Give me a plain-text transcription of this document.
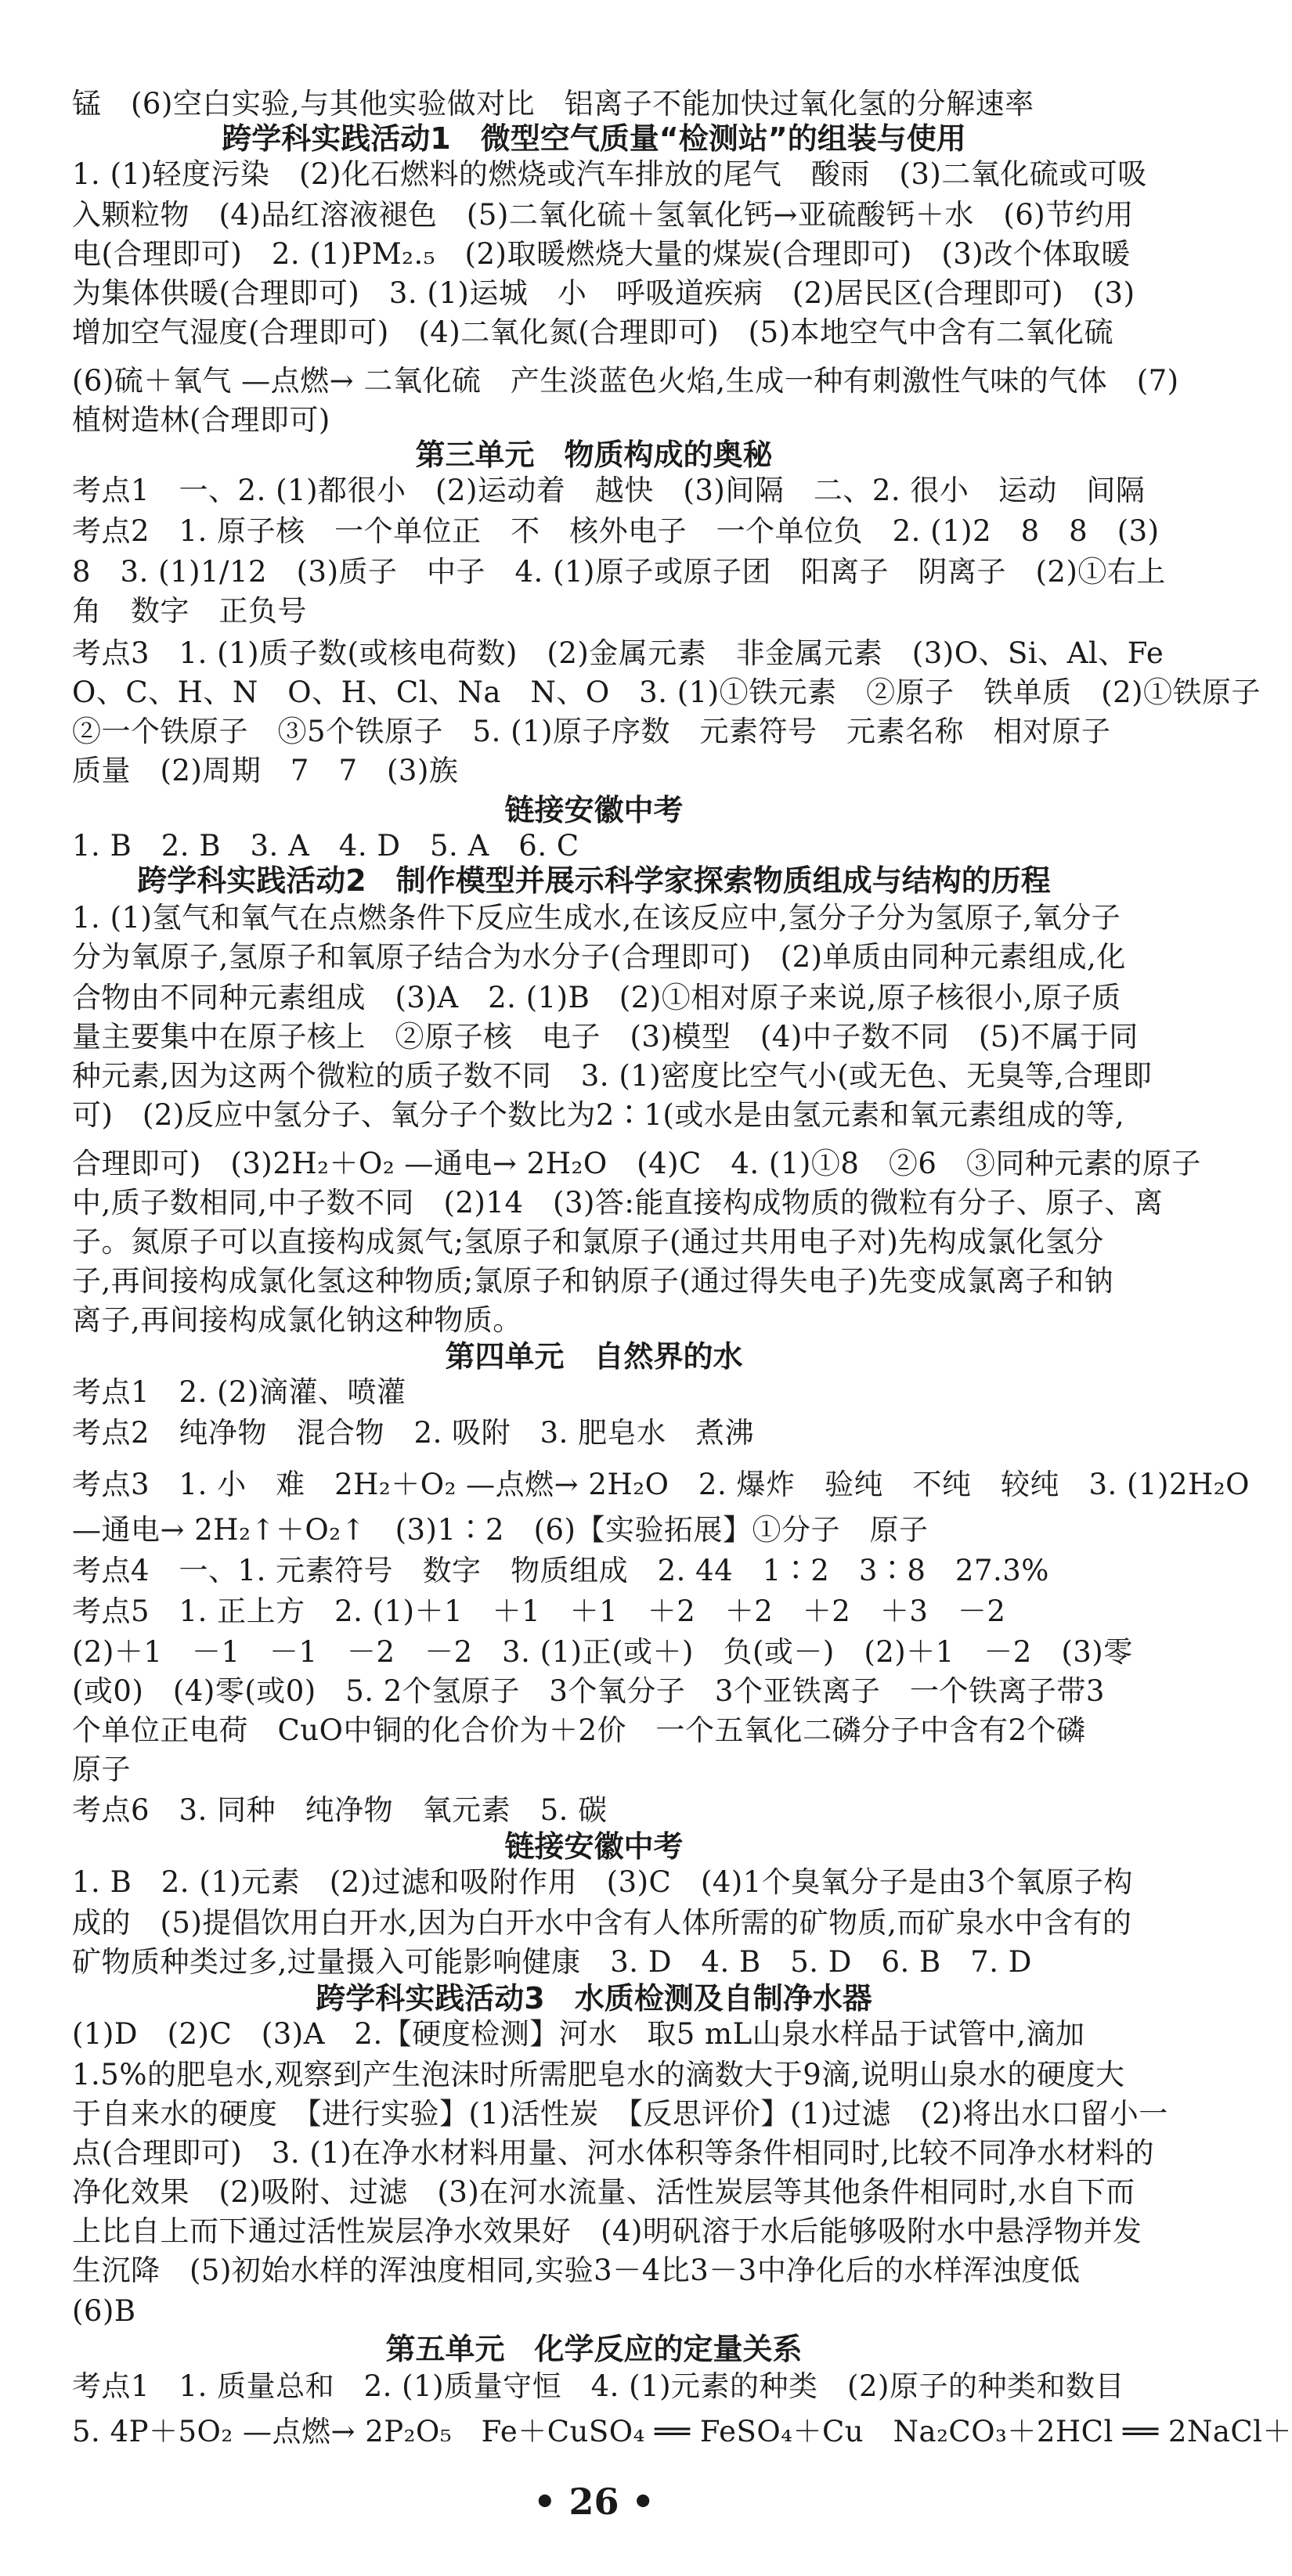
锰　(6)空白实验,与其他实验做对比　铝离子不能加快过氧化氢的分解速率
跨学科实践活动1　微型空气质量“检测站”的组装与使用
1. (1)轻度污染　(2)化石燃料的燃烧或汽车排放的尾气　酸雨　(3)二氧化硫或可吸
入颗粒物　(4)品红溶液褪色　(5)二氧化硫＋氢氧化钙→亚硫酸钙＋水　(6)节约用
电(合理即可)　2. (1)PM₂.₅　(2)取暖燃烧大量的煤炭(合理即可)　(3)改个体取暖
为集体供暖(合理即可)　3. (1)运城　小　呼吸道疾病　(2)居民区(合理即可)　(3)
增加空气湿度(合理即可)　(4)二氧化氮(合理即可)　(5)本地空气中含有二氧化硫
(6)硫＋氧气 —点燃→ 二氧化硫　产生淡蓝色火焰,生成一种有刺激性气味的气体　(7)
植树造林(合理即可)
第三单元　物质构成的奥秘
考点1　一、2. (1)都很小　(2)运动着　越快　(3)间隔　二、2. 很小　运动　间隔
考点2　1. 原子核　一个单位正　不　核外电子　一个单位负　2. (1)2　8　8　(3)
8　3. (1)1/12　(3)质子　中子　4. (1)原子或原子团　阳离子　阴离子　(2)①右上
角　数字　正负号
考点3　1. (1)质子数(或核电荷数)　(2)金属元素　非金属元素　(3)O、Si、Al、Fe
O、C、H、N　O、H、Cl、Na　N、O　3. (1)①铁元素　②原子　铁单质　(2)①铁原子
②一个铁原子　③5个铁原子　5. (1)原子序数　元素符号　元素名称　相对原子
质量　(2)周期　7　7　(3)族
链接安徽中考
1. B　2. B　3. A　4. D　5. A　6. C
跨学科实践活动2　制作模型并展示科学家探索物质组成与结构的历程
1. (1)氢气和氧气在点燃条件下反应生成水,在该反应中,氢分子分为氢原子,氧分子
分为氧原子,氢原子和氧原子结合为水分子(合理即可)　(2)单质由同种元素组成,化
合物由不同种元素组成　(3)A　2. (1)B　(2)①相对原子来说,原子核很小,原子质
量主要集中在原子核上　②原子核　电子　(3)模型　(4)中子数不同　(5)不属于同
种元素,因为这两个微粒的质子数不同　3. (1)密度比空气小(或无色、无臭等,合理即
可)　(2)反应中氢分子、氧分子个数比为2∶1(或水是由氢元素和氧元素组成的等,
合理即可)　(3)2H₂＋O₂ —通电→ 2H₂O　(4)C　4. (1)①8　②6　③同种元素的原子
中,质子数相同,中子数不同　(2)14　(3)答:能直接构成物质的微粒有分子、原子、离
子。氮原子可以直接构成氮气;氢原子和氯原子(通过共用电子对)先构成氯化氢分
子,再间接构成氯化氢这种物质;氯原子和钠原子(通过得失电子)先变成氯离子和钠
离子,再间接构成氯化钠这种物质。
第四单元　自然界的水
考点1　2. (2)滴灌、喷灌
考点2　纯净物　混合物　2. 吸附　3. 肥皂水　煮沸
考点3　1. 小　难　2H₂＋O₂ —点燃→ 2H₂O　2. 爆炸　验纯　不纯　较纯　3. (1)2H₂O
—通电→ 2H₂↑＋O₂↑　(3)1∶2　(6)【实验拓展】①分子　原子
考点4　一、1. 元素符号　数字　物质组成　2. 44　1∶2　3∶8　27.3%
考点5　1. 正上方　2. (1)＋1　＋1　＋1　＋2　＋2　＋2　＋3　－2
(2)＋1　－1　－1　－2　－2　3. (1)正(或＋)　负(或－)　(2)＋1　－2　(3)零
(或0)　(4)零(或0)　5. 2个氢原子　3个氧分子　3个亚铁离子　一个铁离子带3
个单位正电荷　CuO中铜的化合价为＋2价　一个五氧化二磷分子中含有2个磷
原子
考点6　3. 同种　纯净物　氧元素　5. 碳
链接安徽中考
1. B　2. (1)元素　(2)过滤和吸附作用　(3)C　(4)1个臭氧分子是由3个氧原子构
成的　(5)提倡饮用白开水,因为白开水中含有人体所需的矿物质,而矿泉水中含有的
矿物质种类过多,过量摄入可能影响健康　3. D　4. B　5. D　6. B　7. D
跨学科实践活动3　水质检测及自制净水器
(1)D　(2)C　(3)A　2.【硬度检测】河水　取5 mL山泉水样品于试管中,滴加
1.5%的肥皂水,观察到产生泡沫时所需肥皂水的滴数大于9滴,说明山泉水的硬度大
于自来水的硬度　【进行实验】(1)活性炭　【反思评价】(1)过滤　(2)将出水口留小一
点(合理即可)　3. (1)在净水材料用量、河水体积等条件相同时,比较不同净水材料的
净化效果　(2)吸附、过滤　(3)在河水流量、活性炭层等其他条件相同时,水自下而
上比自上而下通过活性炭层净水效果好　(4)明矾溶于水后能够吸附水中悬浮物并发
生沉降　(5)初始水样的浑浊度相同,实验3－4比3－3中净化后的水样浑浊度低
(6)B
第五单元　化学反应的定量关系
考点1　1. 质量总和　2. (1)质量守恒　4. (1)元素的种类　(2)原子的种类和数目
5. 4P＋5O₂ —点燃→ 2P₂O₅　Fe＋CuSO₄ ══ FeSO₄＋Cu　Na₂CO₃＋2HCl ══ 2NaCl＋
• 26 •
